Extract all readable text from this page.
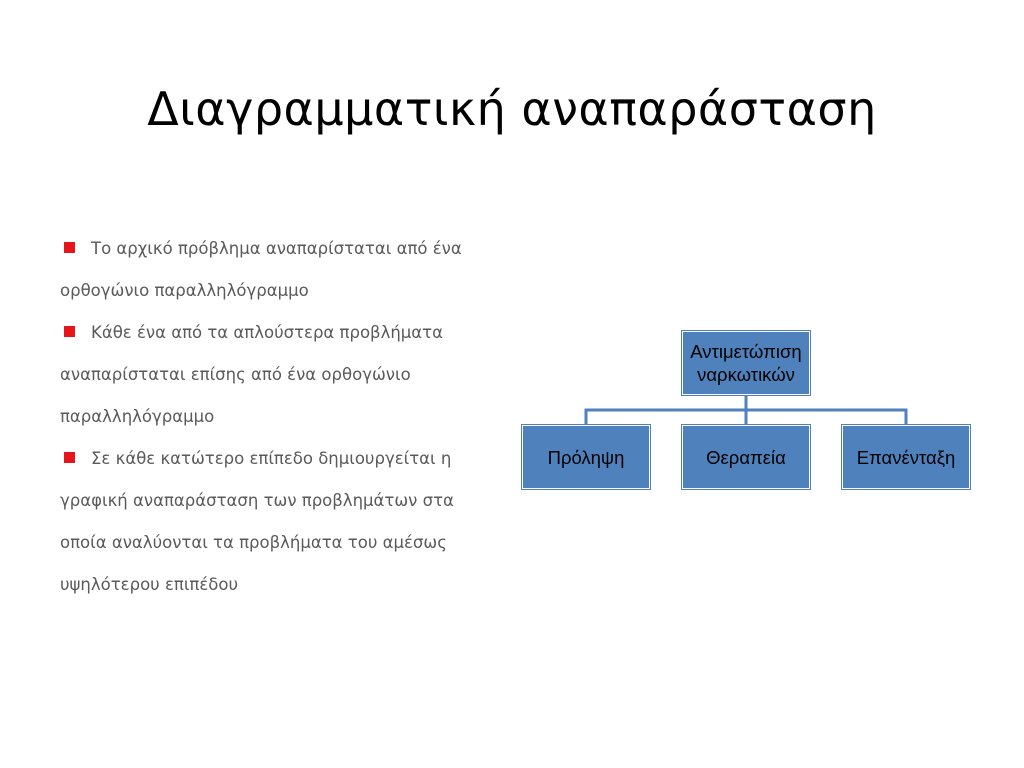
Διαγραμματική αναπαράσταση
Το αρχικό πρόβλημα αναπαρίσταται από ένα ορθογώνιο παραλληλόγραμμο
Κάθε ένα από τα απλούστερα προβλήματα αναπαρίσταται επίσης από ένα ορθογώνιο παραλληλόγραμμο
Σε κάθε κατώτερο επίπεδο δημιουργείται η γραφική αναπαράσταση των προβλημάτων στα οποία αναλύονται τα προβλήματα του αμέσως υψηλότερου επιπέδου
Αντιμετώπιση ναρκωτικών
Πρόληψη	Θεραπεία	Επανένταξη
